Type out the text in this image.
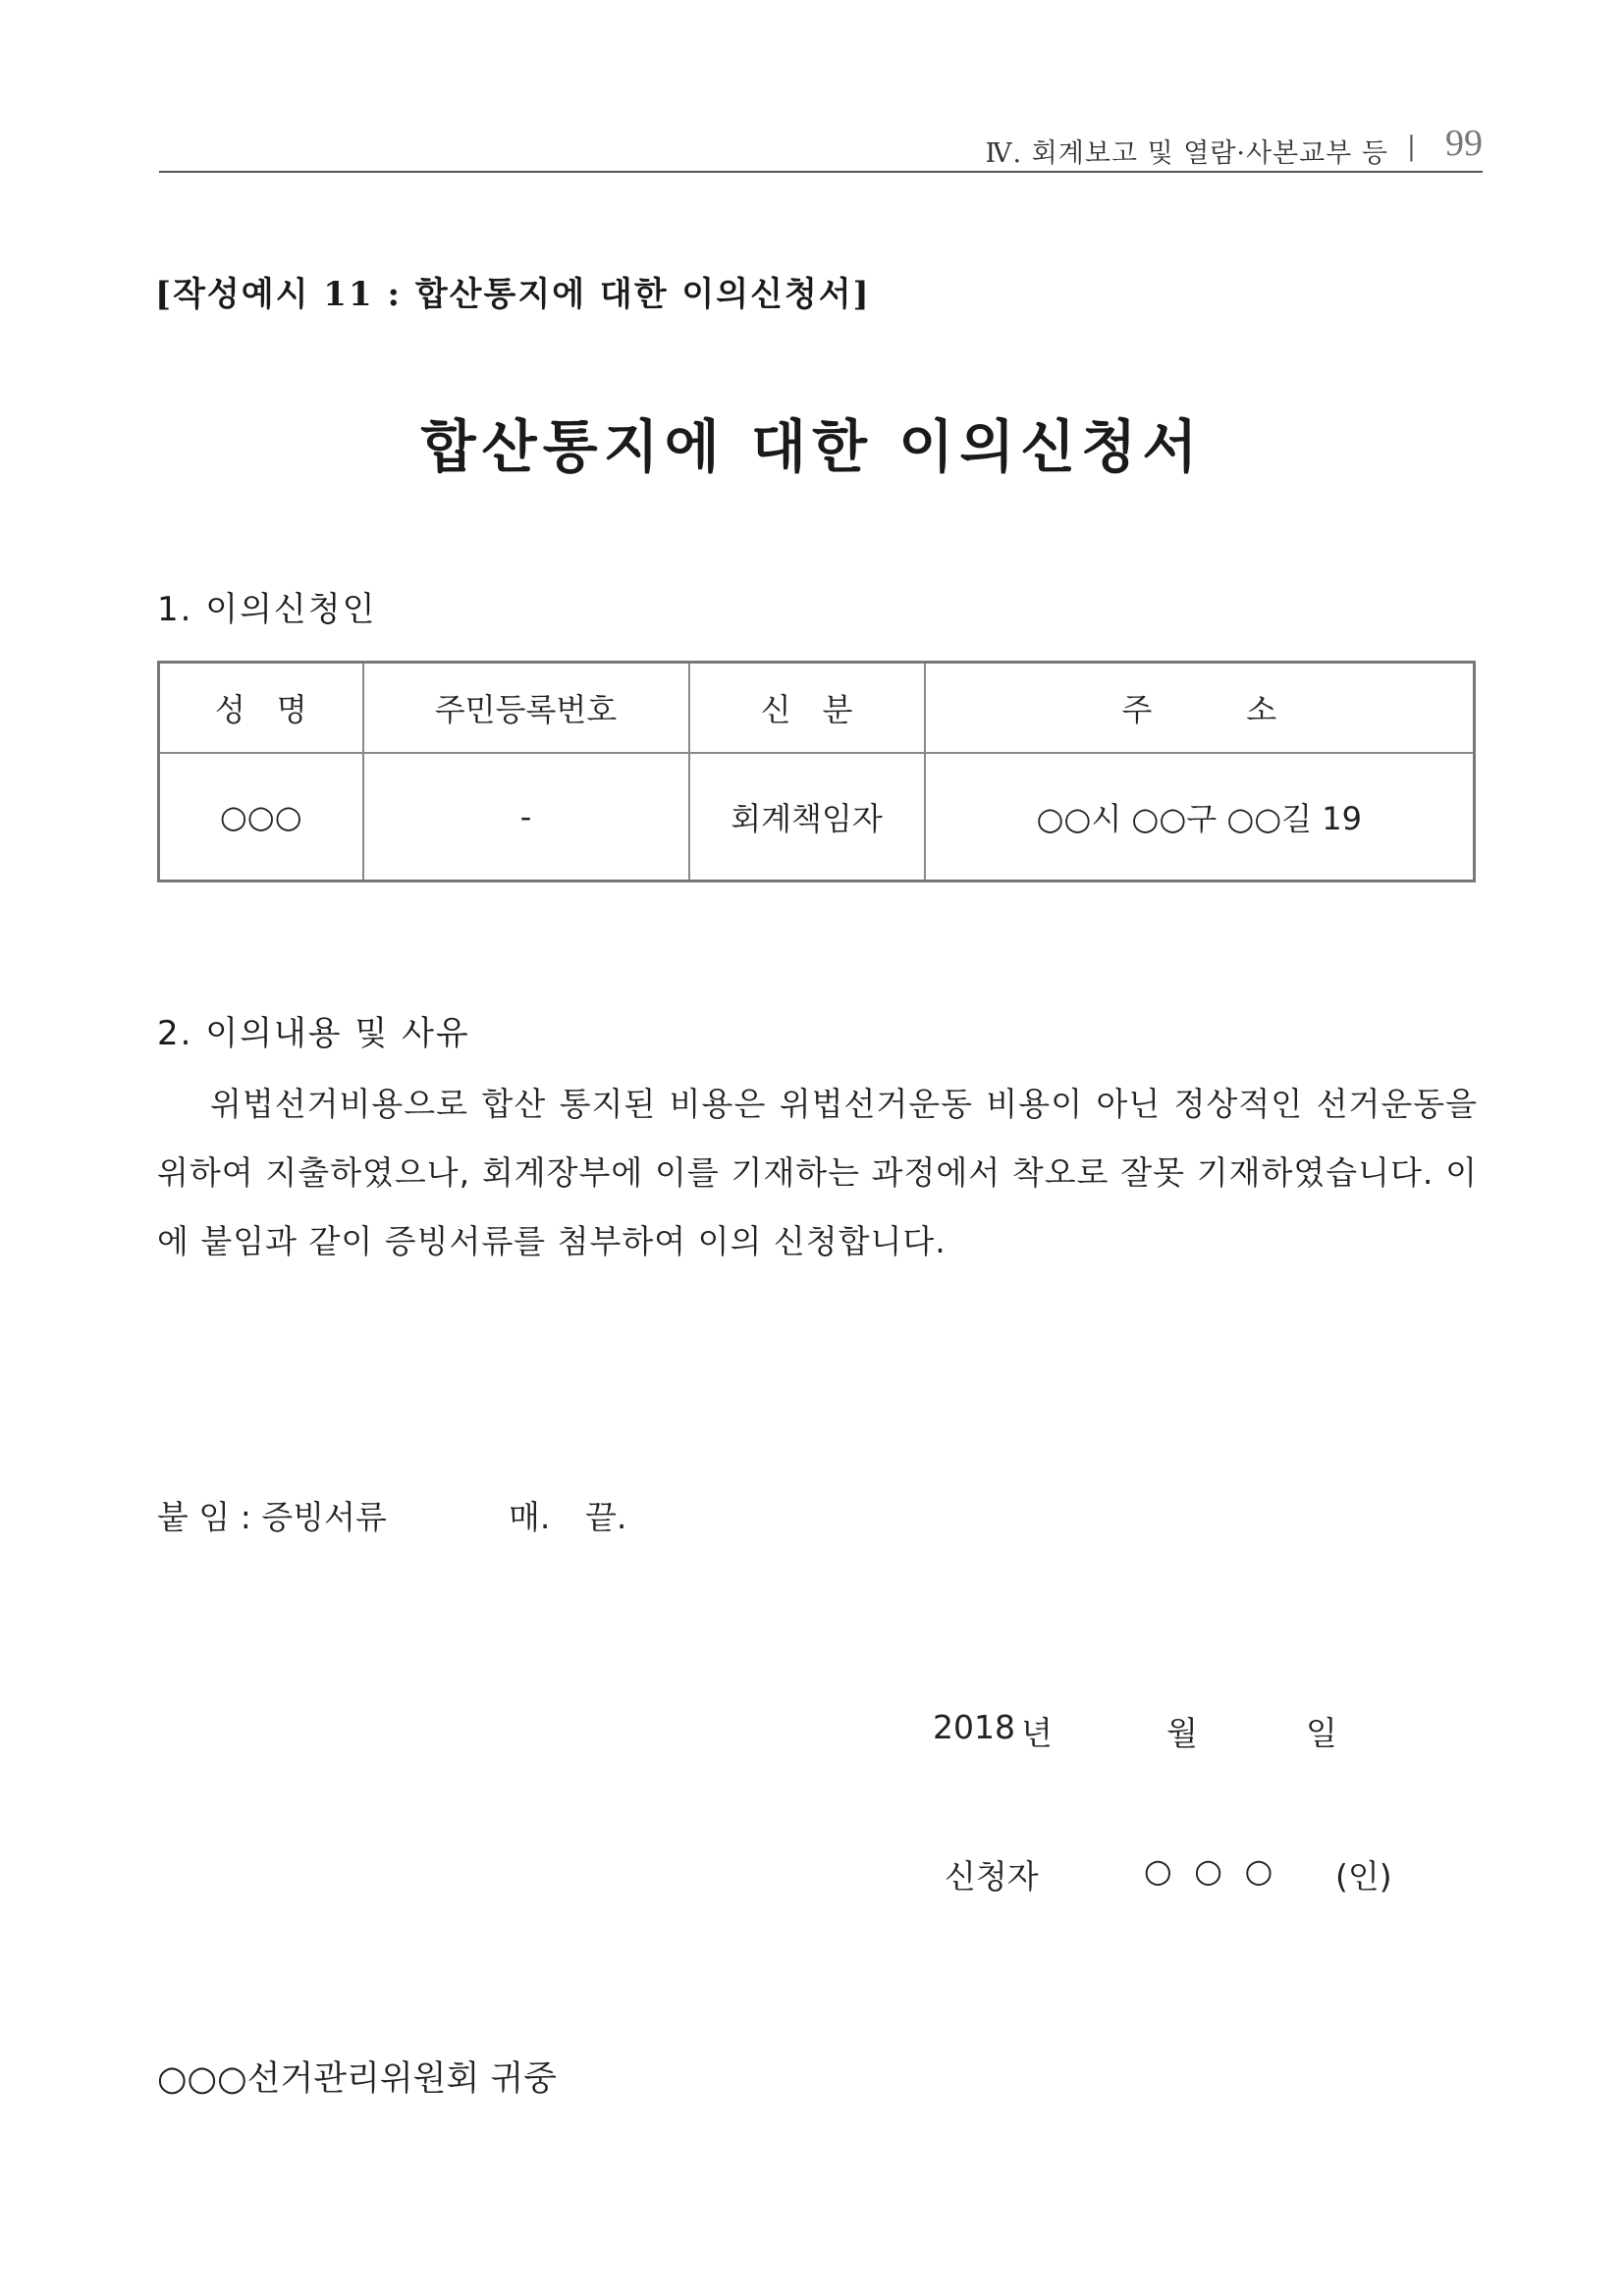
Ⅳ. 회계보고 및 열람·사본교부 등 | 99
[작성예시 11 : 합산통지에 대한 이의신청서]
합산통지에 대한 이의신청서
1. 이의신청인
성　명	주민등록번호	신　분	주　　　소
○○○	-	회계책임자	○○시 ○○구 ○○길 19
2. 이의내용 및 사유
위법선거비용으로 합산 통지된 비용은 위법선거운동 비용이 아닌 정상적인 선거운동을 위하여 지출하였으나, 회계장부에 이를 기재하는 과정에서 착오로 잘못 기재하였습니다. 이에 붙임과 같이 증빙서류를 첨부하여 이의 신청합니다.
붙 임 : 증빙서류	매. 끝.
2018 년	월	일
신청자	○ ○ ○ (인)
○○○선거관리위원회 귀중
